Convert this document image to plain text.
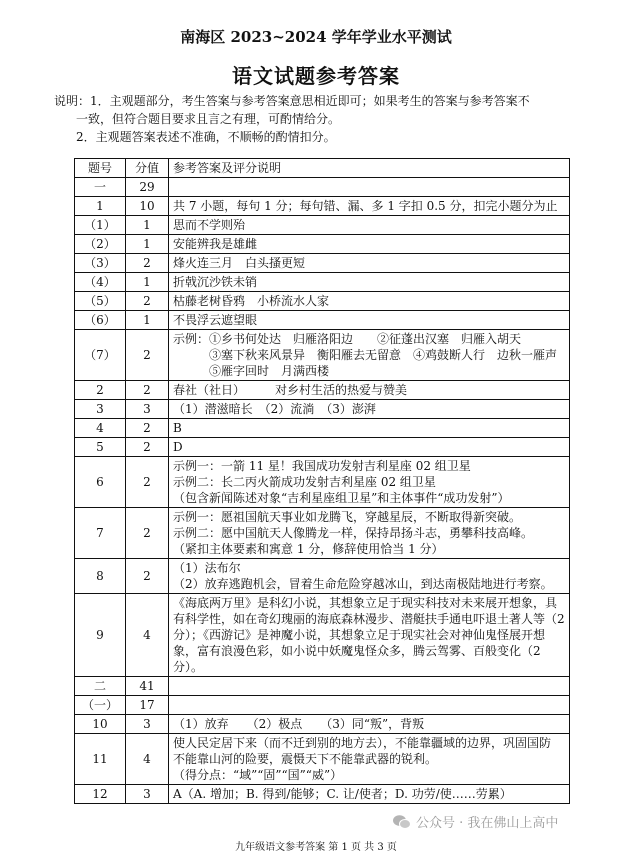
南海区 2023~2024 学年学业水平测试
语文试题参考答案
说明：1．主观题部分，考生答案与参考答案意思相近即可；如果考生的答案与参考答案不
一致，但符合题目要求且言之有理，可酌情给分。
2．主观题答案表述不准确，不顺畅的酌情扣分。
题号	分值	参考答案及评分说明
一	29	
1	10	共 7 小题，每句 1 分；每句错、漏、多 1 字扣 0.5 分，扣完小题分为止
（1）	1	思而不学则殆
（2）	1	安能辨我是雄雌
（3）	2	烽火连三月　白头搔更短
（4）	1	折戟沉沙铁未销
（5）	2	枯藤老树昏鸦　小桥流水人家
（6）	1	不畏浮云遮望眼
（7）	2	示例：①乡书何处达　归雁洛阳边　　②征蓬出汉塞　归雁入胡天
　　　③塞下秋来风景异　衡阳雁去无留意　④鸡鼓断人行　边秋一雁声
　　　⑤雁字回时　月满西楼

2	2	春社（社日）　　　对乡村生活的热爱与赞美
3	3	（1）潜滋暗长　（2）流淌　（3）澎湃
4	2	B
5	2	D
6	2	示例一：一箭 11 星！我国成功发射吉利星座 02 组卫星
示例二：长二丙火箭成功发射吉利星座 02 组卫星
（包含新闻陈述对象“吉利星座组卫星”和主体事件“成功发射”）

7	2	示例一：愿祖国航天事业如龙腾飞，穿越星辰，不断取得新突破。
示例二：愿中国航天人像腾龙一样，保持昂扬斗志，勇攀科技高峰。
（紧扣主体要素和寓意 1 分，修辞使用恰当 1 分）

8	2	（1）法布尔
（2）放弃逃跑机会，冒着生命危险穿越冰山，到达南极陆地进行考察。

9	4	《海底两万里》是科幻小说，其想象立足于现实科技对未来展开想象，具
有科学性，如在奇幻瑰丽的海底森林漫步、潜艇扶手通电吓退土著人等（2
分）；《西游记》是神魔小说，其想象立足于现实社会对神仙鬼怪展开想
象，富有浪漫色彩，如小说中妖魔鬼怪众多，腾云驾雾、百般变化（2 分）。

二	41	
（一）	17	
10	3	（1）放弃　　（2）极点　　（3）同“叛”，背叛
11	4	使人民定居下来（而不迁到别的地方去），不能靠疆域的边界，巩固国防
不能靠山河的险要，震慑天下不能靠武器的锐利。
（得分点：“域”“固”“国”“威”）

12	3	A（A. 增加；B. 得到/能够；C. 让/使者；D. 功劳/使……劳累）
公众号 · 我在佛山上高中
九年级语文参考答案 第 1 页 共 3 页
